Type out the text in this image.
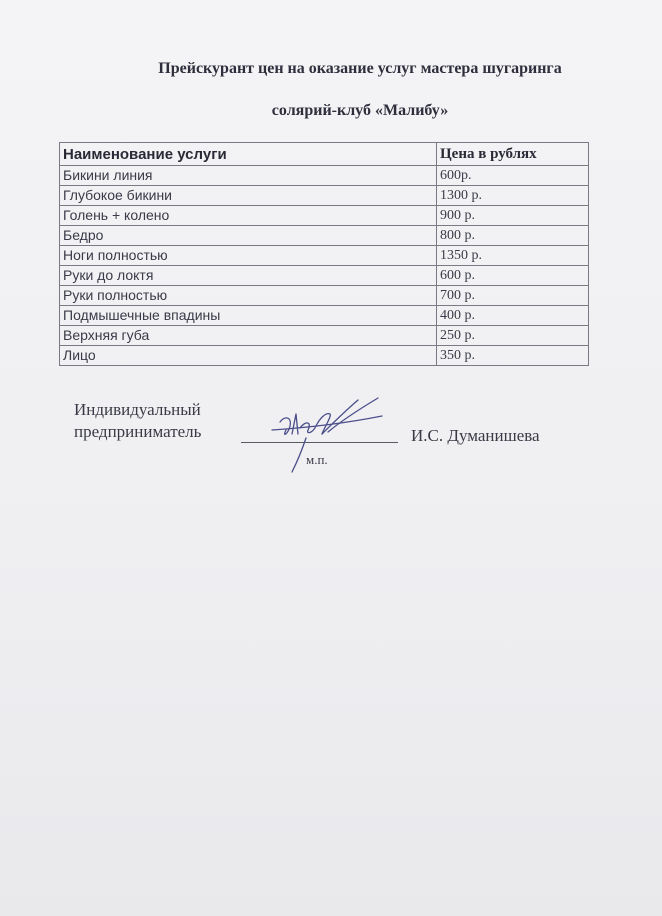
Прейскурант цен на оказание услуг мастера шугаринга

солярий-клуб «Малибу»

Наименование услуги	Цена в рублях
Бикини линия	600р.
Глубокое бикини	1300 р.
Голень + колено	900 р.
Бедро	800 р.
Ноги полностью	1350 р.
Руки до локтя	600 р.
Руки полностью	700 р.
Подмышечные впадины	400 р.
Верхняя губа	250 р.
Лицо	350 р.
Индивидуальный
предприниматель	И.С. Думанишева
м.п.
